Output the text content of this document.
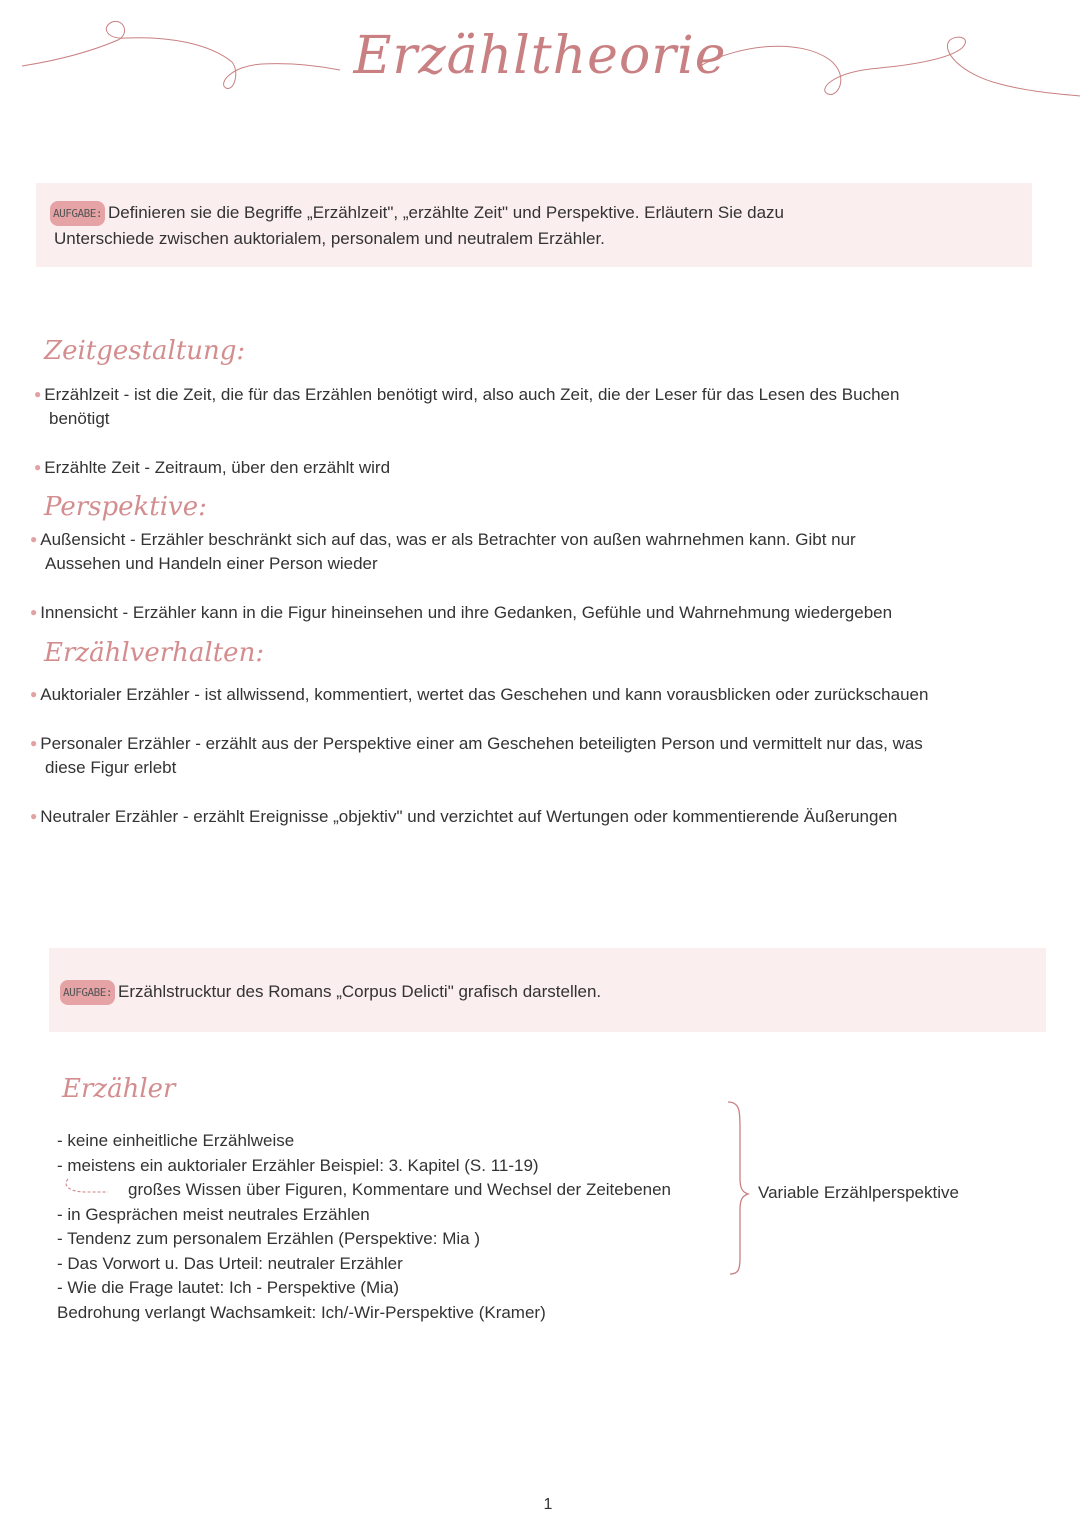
Erzähltheorie
AUFGABE: Definieren sie die Begriffe „Erzählzeit", „erzählte Zeit" und Perspektive. Erläutern Sie dazu
Unterschiede zwischen auktorialem, personalem und neutralem Erzähler.
Zeitgestaltung:
● Erzählzeit - ist die Zeit, die für das Erzählen benötigt wird, also auch Zeit, die der Leser für das Lesen des Buchen
benötigt
● Erzählte Zeit - Zeitraum, über den erzählt wird
Perspektive:
● Außensicht - Erzähler beschränkt sich auf das, was er als Betrachter von außen wahrnehmen kann. Gibt nur
Aussehen und Handeln einer Person wieder
● Innensicht - Erzähler kann in die Figur hineinsehen und ihre Gedanken, Gefühle und Wahrnehmung wiedergeben
Erzählverhalten:
● Auktorialer Erzähler - ist allwissend, kommentiert, wertet das Geschehen und kann vorausblicken oder zurückschauen
● Personaler Erzähler - erzählt aus der Perspektive einer am Geschehen beteiligten Person und vermittelt nur das, was
diese Figur erlebt
● Neutraler Erzähler - erzählt Ereignisse „objektiv" und verzichtet auf Wertungen oder kommentierende Äußerungen
AUFGABE: Erzählstrucktur des Romans „Corpus Delicti" grafisch darstellen.
Erzähler
- keine einheitliche Erzählweise
- meistens ein auktorialer Erzähler Beispiel: 3. Kapitel (S. 11-19)
großes Wissen über Figuren, Kommentare und Wechsel der Zeitebenen
- in Gesprächen meist neutrales Erzählen
- Tendenz zum personalem Erzählen (Perspektive: Mia )
- Das Vorwort u. Das Urteil: neutraler Erzähler
- Wie die Frage lautet: Ich - Perspektive (Mia)
Bedrohung verlangt Wachsamkeit: Ich/-Wir-Perspektive (Kramer)
Variable Erzählperspektive
1
